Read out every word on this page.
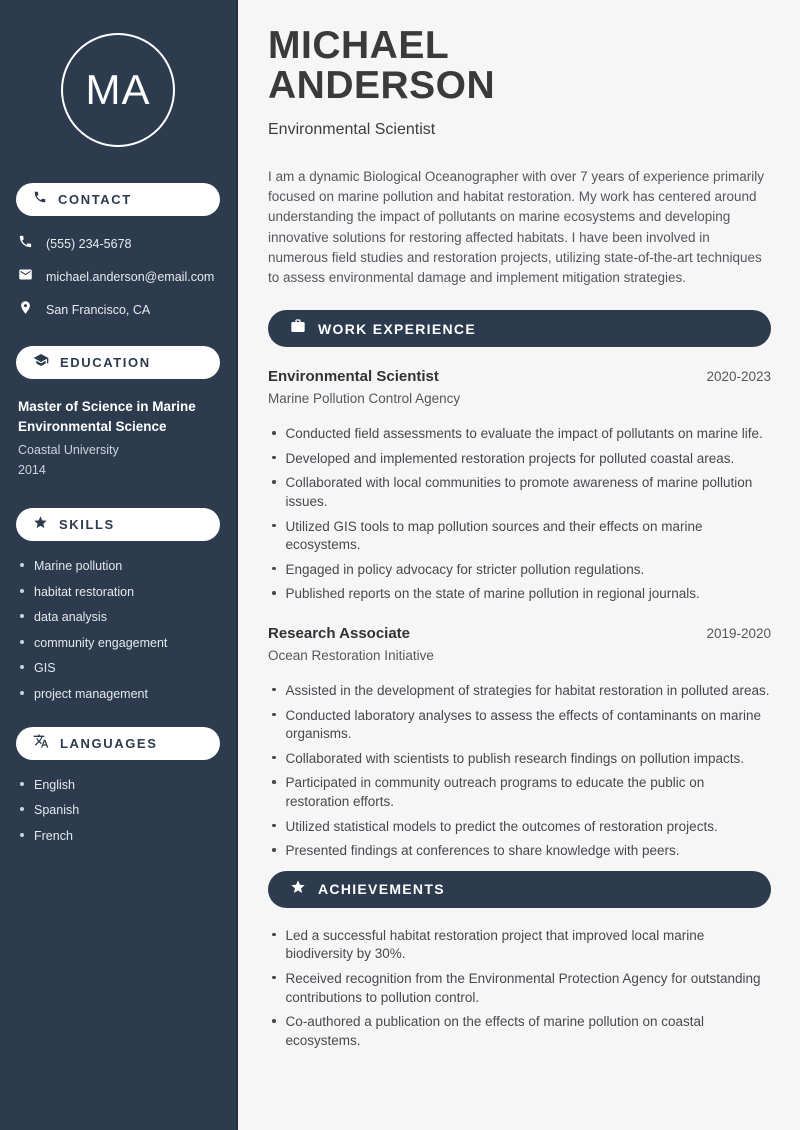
MA
CONTACT
(555) 234-5678
michael.anderson@email.com
San Francisco, CA
EDUCATION
Master of Science in Marine Environmental Science
Coastal University
2014
SKILLS
Marine pollution
habitat restoration
data analysis
community engagement
GIS
project management
LANGUAGES
English
Spanish
French
MICHAEL
ANDERSON
Environmental Scientist

I am a dynamic Biological Oceanographer with over 7 years of experience primarily focused on marine pollution and habitat restoration. My work has centered around understanding the impact of pollutants on marine ecosystems and developing innovative solutions for restoring affected habitats. I have been involved in numerous field studies and restoration projects, utilizing state-of-the-art techniques to assess environmental damage and implement mitigation strategies.

WORK EXPERIENCE
Environmental Scientist	2020-2023
Marine Pollution Control Agency
Conducted field assessments to evaluate the impact of pollutants on marine life.
Developed and implemented restoration projects for polluted coastal areas.
Collaborated with local communities to promote awareness of marine pollution issues.
Utilized GIS tools to map pollution sources and their effects on marine ecosystems.
Engaged in policy advocacy for stricter pollution regulations.
Published reports on the state of marine pollution in regional journals.
Research Associate	2019-2020
Ocean Restoration Initiative
Assisted in the development of strategies for habitat restoration in polluted areas.
Conducted laboratory analyses to assess the effects of contaminants on marine organisms.
Collaborated with scientists to publish research findings on pollution impacts.
Participated in community outreach programs to educate the public on restoration efforts.
Utilized statistical models to predict the outcomes of restoration projects.
Presented findings at conferences to share knowledge with peers.
ACHIEVEMENTS
Led a successful habitat restoration project that improved local marine biodiversity by 30%.
Received recognition from the Environmental Protection Agency for outstanding contributions to pollution control.
Co-authored a publication on the effects of marine pollution on coastal ecosystems.
